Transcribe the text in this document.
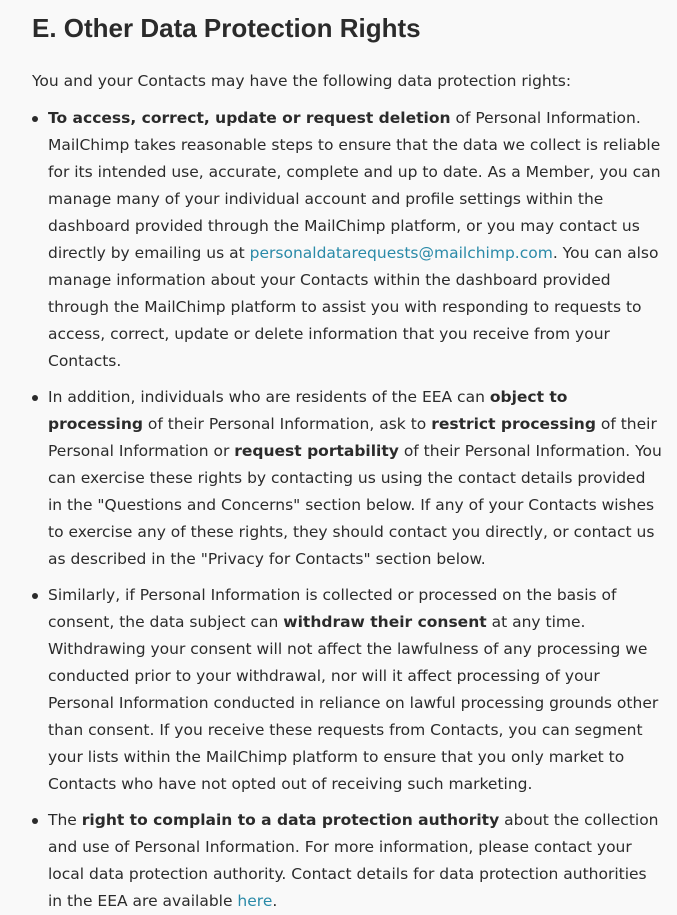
E. Other Data Protection Rights

You and your Contacts may have the following data protection rights:

To access, correct, update or request deletion of Personal Information. MailChimp takes reasonable steps to ensure that the data we collect is reliable for its intended use, accurate, complete and up to date. As a Member, you can manage many of your individual account and profile settings within the dashboard provided through the MailChimp platform, or you may contact us directly by emailing us at personaldatarequests@mailchimp.com. You can also manage information about your Contacts within the dashboard provided through the MailChimp platform to assist you with responding to requests to access, correct, update or delete information that you receive from your Contacts.
In addition, individuals who are residents of the EEA can object to processing of their Personal Information, ask to restrict processing of their Personal Information or request portability of their Personal Information. You can exercise these rights by contacting us using the contact details provided in the "Questions and Concerns" section below. If any of your Contacts wishes to exercise any of these rights, they should contact you directly, or contact us as described in the "Privacy for Contacts" section below.
Similarly, if Personal Information is collected or processed on the basis of consent, the data subject can withdraw their consent at any time. Withdrawing your consent will not affect the lawfulness of any processing we conducted prior to your withdrawal, nor will it affect processing of your Personal Information conducted in reliance on lawful processing grounds other than consent. If you receive these requests from Contacts, you can segment your lists within the MailChimp platform to ensure that you only market to Contacts who have not opted out of receiving such marketing.
The right to complain to a data protection authority about the collection and use of Personal Information. For more information, please contact your local data protection authority. Contact details for data protection authorities in the EEA are available here.
